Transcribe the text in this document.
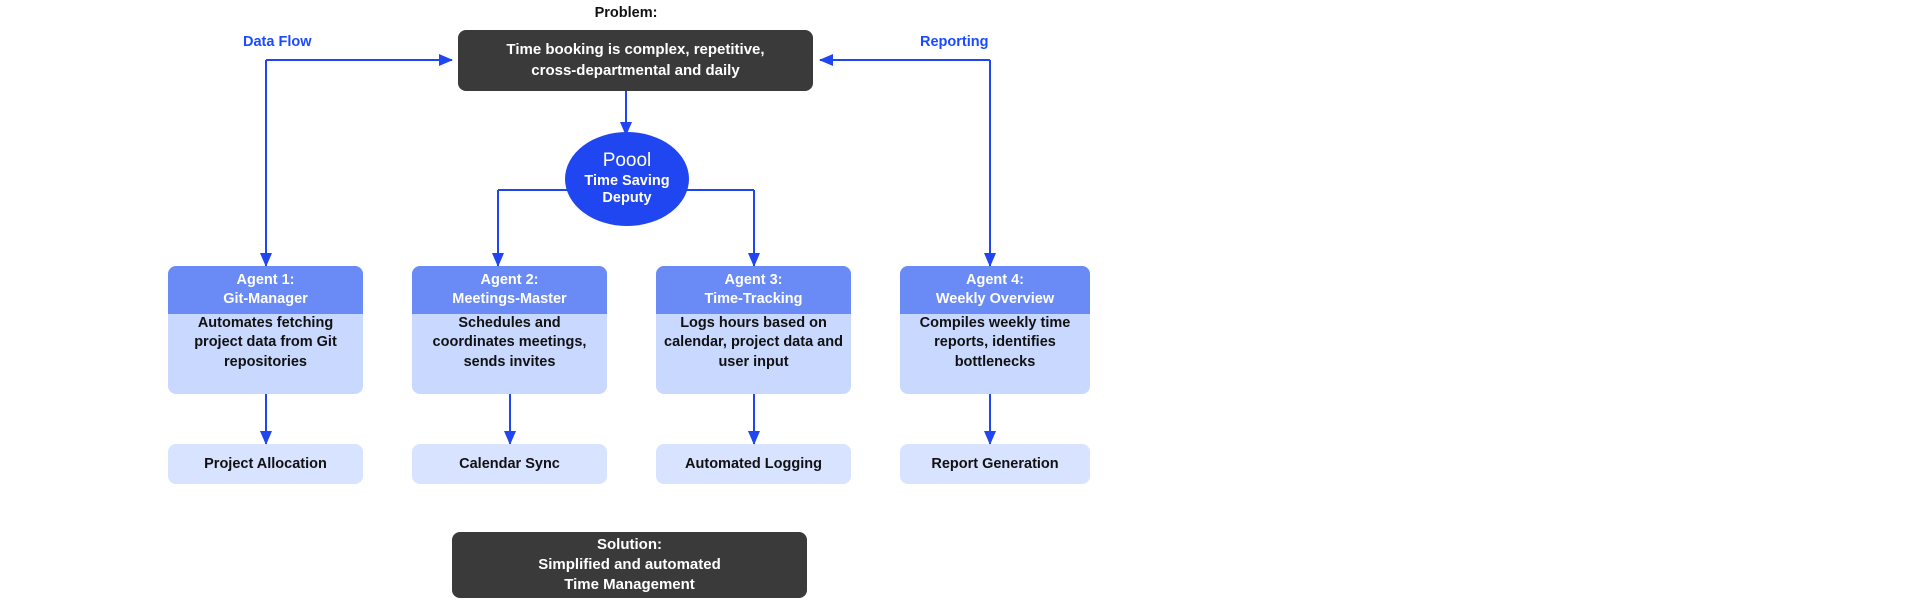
Problem:
Time booking is complex, repetitive,
cross-departmental and daily
Data Flow	Reporting
Poool
Time Saving Deputy
Agent 1:
Git-Manager
Automates fetching project data from Git repositories
Agent 2:
Meetings-Master
Schedules and coordinates meetings, sends invites
Agent 3:
Time-Tracking
Logs hours based on calendar, project data and user input
Agent 4:
Weekly Overview
Compiles weekly time reports, identifies bottlenecks
Project Allocation	Calendar Sync	Automated Logging	Report Generation
Solution:
Simplified and automated
Time Management
